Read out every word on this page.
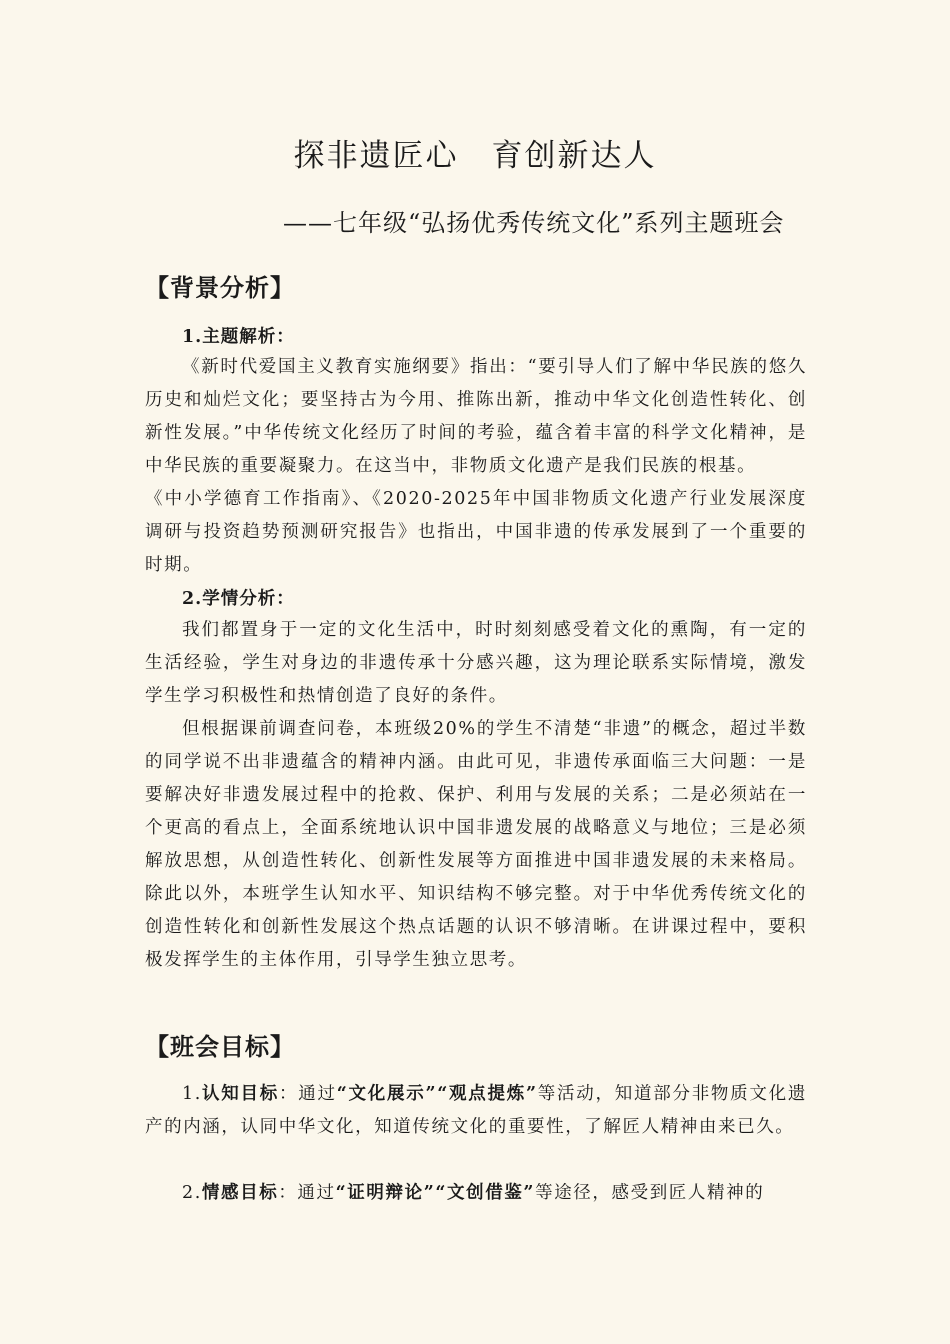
探非遗匠心　育创新达人
——七年级“弘扬优秀传统文化”系列主题班会
【背景分析】
1.主题解析：
《新时代爱国主义教育实施纲要》指出：“要引导人们了解中华民族的悠久历史和灿烂文化；要坚持古为今用、推陈出新，推动中华文化创造性转化、创新性发展。”中华传统文化经历了时间的考验，蕴含着丰富的科学文化精神，是中华民族的重要凝聚力。在这当中，非物质文化遗产是我们民族的根基。
《中小学德育工作指南》、《2020-2025年中国非物质文化遗产行业发展深度调研与投资趋势预测研究报告》也指出，中国非遗的传承发展到了一个重要的时期。
2.学情分析：
我们都置身于一定的文化生活中，时时刻刻感受着文化的熏陶，有一定的生活经验，学生对身边的非遗传承十分感兴趣，这为理论联系实际情境，激发学生学习积极性和热情创造了良好的条件。
但根据课前调查问卷，本班级20%的学生不清楚“非遗”的概念，超过半数的同学说不出非遗蕴含的精神内涵。由此可见，非遗传承面临三大问题：一是要解决好非遗发展过程中的抢救、保护、利用与发展的关系；二是必须站在一个更高的看点上，全面系统地认识中国非遗发展的战略意义与地位；三是必须解放思想，从创造性转化、创新性发展等方面推进中国非遗发展的未来格局。除此以外，本班学生认知水平、知识结构不够完整。对于中华优秀传统文化的创造性转化和创新性发展这个热点话题的认识不够清晰。在讲课过程中，要积极发挥学生的主体作用，引导学生独立思考。
【班会目标】
1.认知目标：通过“文化展示”“观点提炼”等活动，知道部分非物质文化遗产的内涵，认同中华文化，知道传统文化的重要性，了解匠人精神由来已久。
2.情感目标：通过“证明辩论”“文创借鉴”等途径，感受到匠人精神的
